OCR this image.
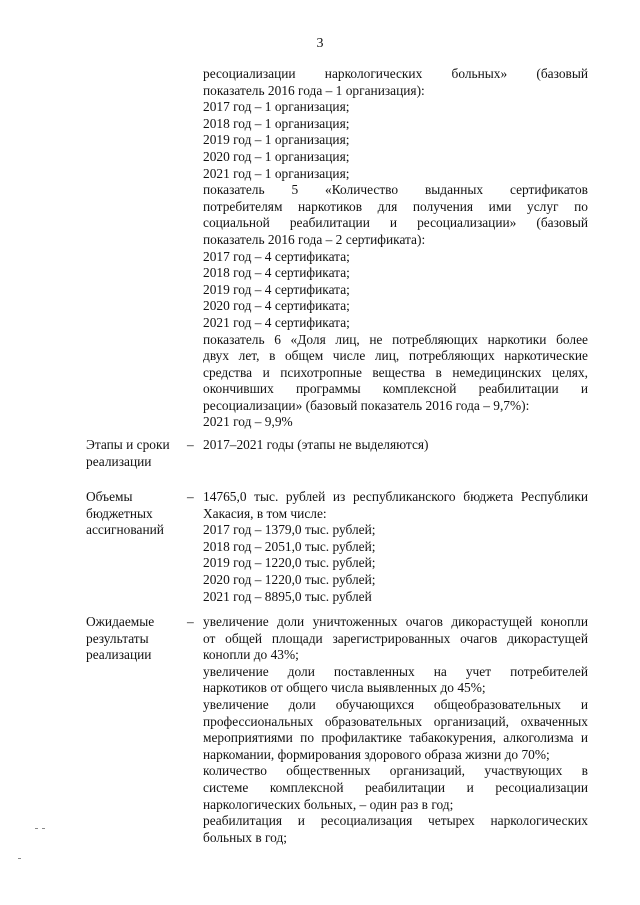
3
ресоциализации наркологических больных» (базовый
показатель 2016 года – 1 организация):
2017 год – 1 организация;
2018 год – 1 организация;
2019 год – 1 организация;
2020 год – 1 организация;
2021 год – 1 организация;
показатель 5 «Количество выданных сертификатов
потребителям наркотиков для получения ими услуг по
социальной реабилитации и ресоциализации» (базовый
показатель 2016 года – 2 сертификата):
2017 год – 4 сертификата;
2018 год – 4 сертификата;
2019 год – 4 сертификата;
2020 год – 4 сертификата;
2021 год – 4 сертификата;
показатель 6 «Доля лиц, не потребляющих наркотики более
двух лет, в общем числе лиц, потребляющих наркотические
средства и психотропные вещества в немедицинских целях,
окончивших программы комплексной реабилитации и
ресоциализации» (базовый показатель 2016 года – 9,7%):
2021 год – 9,9%
Этапы и сроки
реализации
– 2017–2021 годы (этапы не выделяются)
Объемы
бюджетных
ассигнований
– 14765,0 тыс. рублей из республиканского бюджета Республики
Хакасия, в том числе:
2017 год – 1379,0 тыс. рублей;
2018 год – 2051,0 тыс. рублей;
2019 год – 1220,0 тыс. рублей;
2020 год – 1220,0 тыс. рублей;
2021 год – 8895,0 тыс. рублей
Ожидаемые
результаты
реализации
– увеличение доли уничтоженных очагов дикорастущей конопли
от общей площади зарегистрированных очагов дикорастущей
конопли до 43%;
увеличение доли поставленных на учет потребителей
наркотиков от общего числа выявленных до 45%;
увеличение доли обучающихся общеобразовательных и
профессиональных образовательных организаций, охваченных
мероприятиями по профилактике табакокурения, алкоголизма и
наркомании, формирования здорового образа жизни до 70%;
количество общественных организаций, участвующих в
системе комплексной реабилитации и ресоциализации
наркологических больных, – один раз в год;
реабилитация и ресоциализация четырех наркологических
больных в год;
